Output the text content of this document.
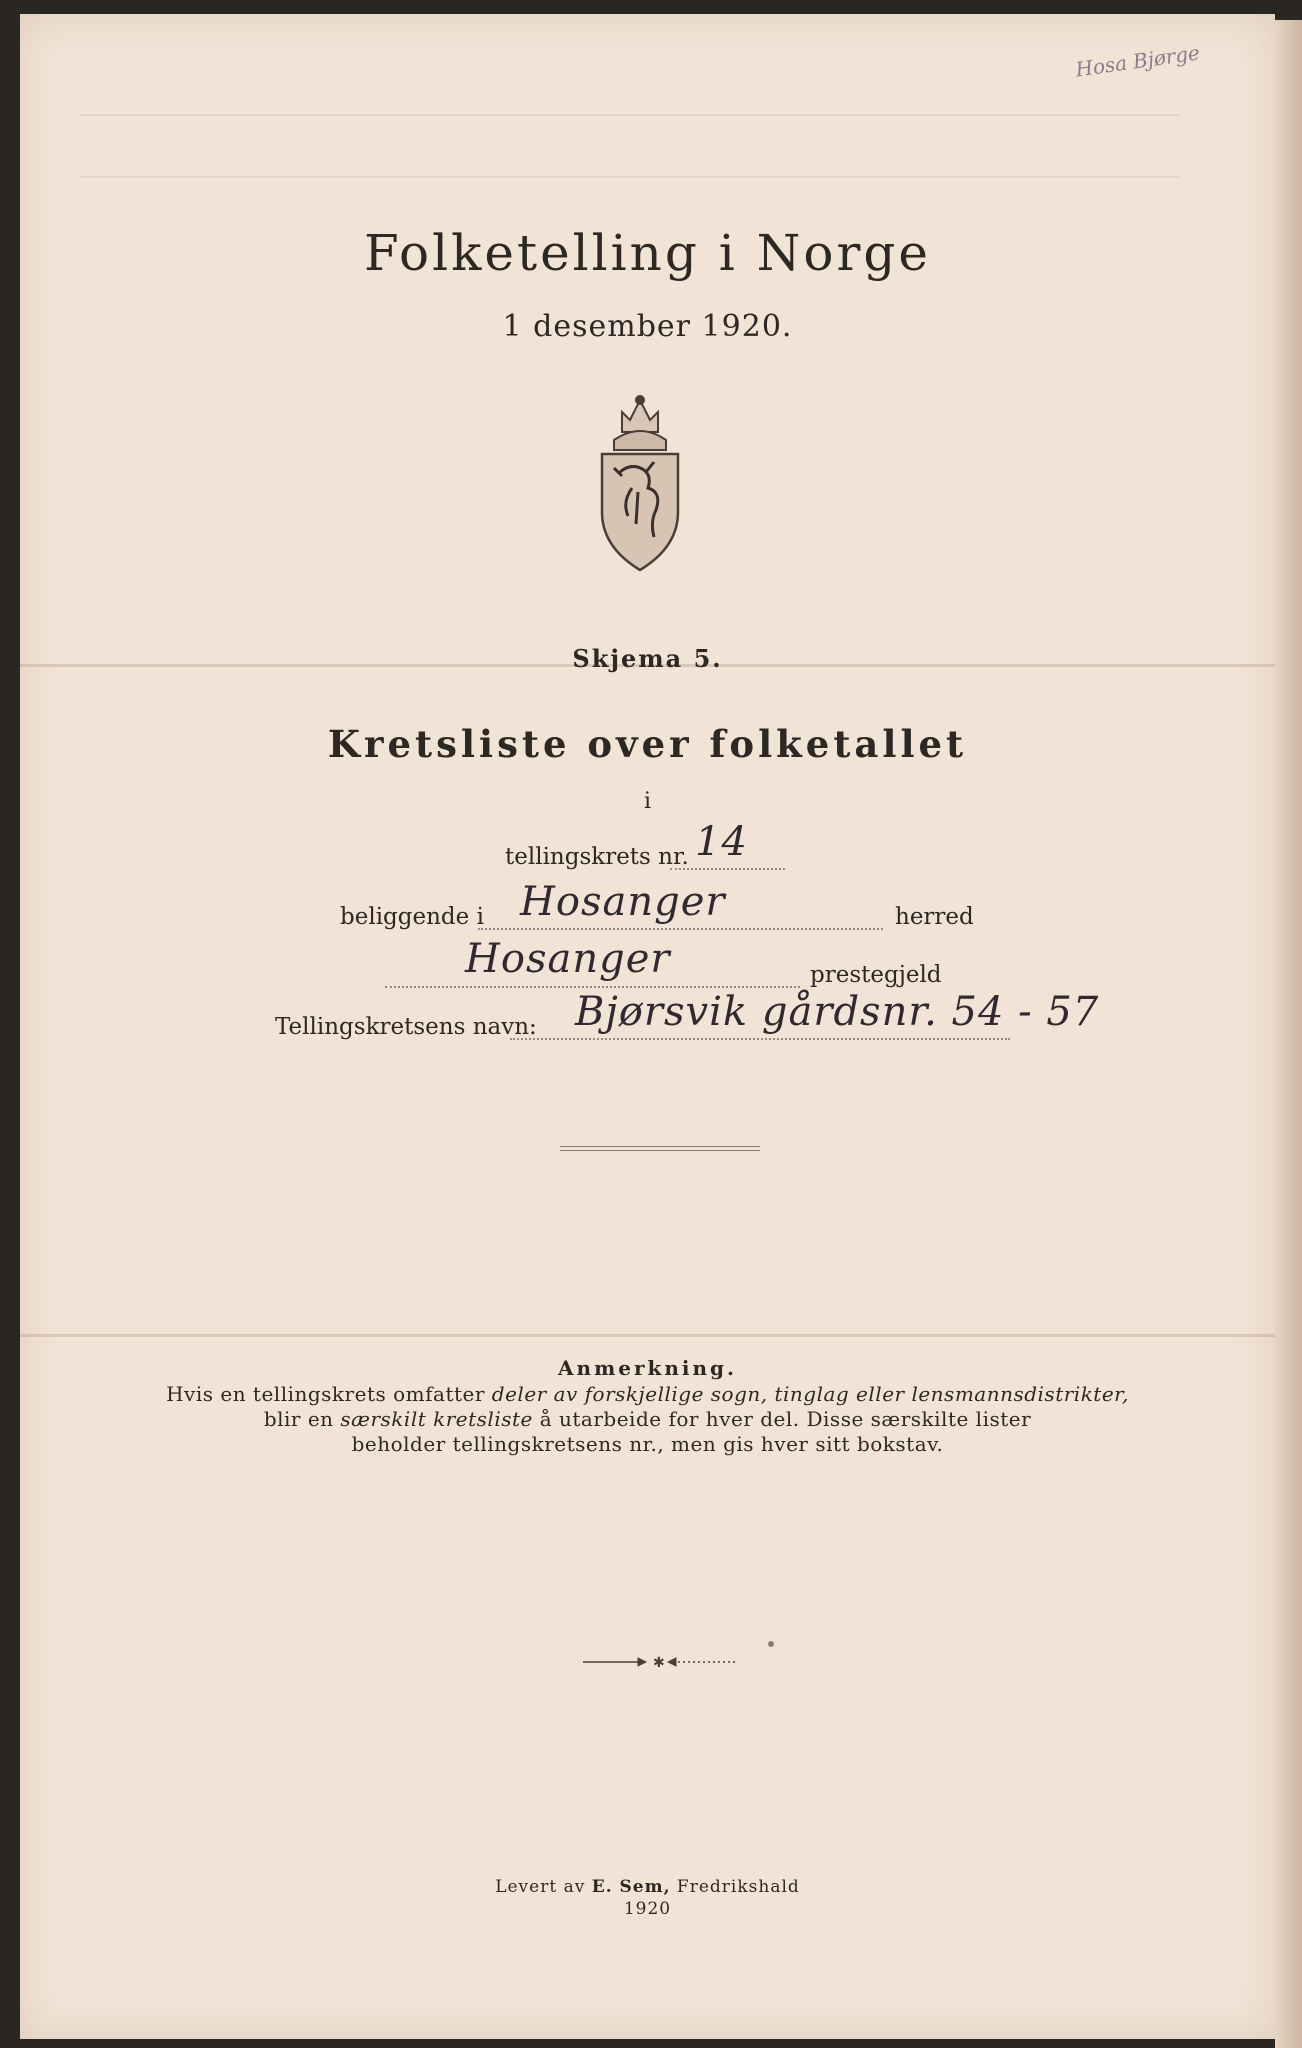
Hosa Bjørge
Folketelling i Norge
1 desember 1920.
Skjema 5.
Kretsliste over folketallet
i
tellingskrets nr. 14
beliggende i Hosanger	herred
Hosanger	prestegjeld
Tellingskretsens navn: Bjørsvik gårdsnr. 54 - 57
Anmerkning.
Hvis en tellingskrets omfatter deler av forskjellige sogn, tinglag eller lensmannsdistrikter,
blir en særskilt kretsliste å utarbeide for hver del. Disse særskilte lister
beholder tellingskretsens nr., men gis hver sitt bokstav.
✱
Levert av E. Sem, Fredrikshald
1920
